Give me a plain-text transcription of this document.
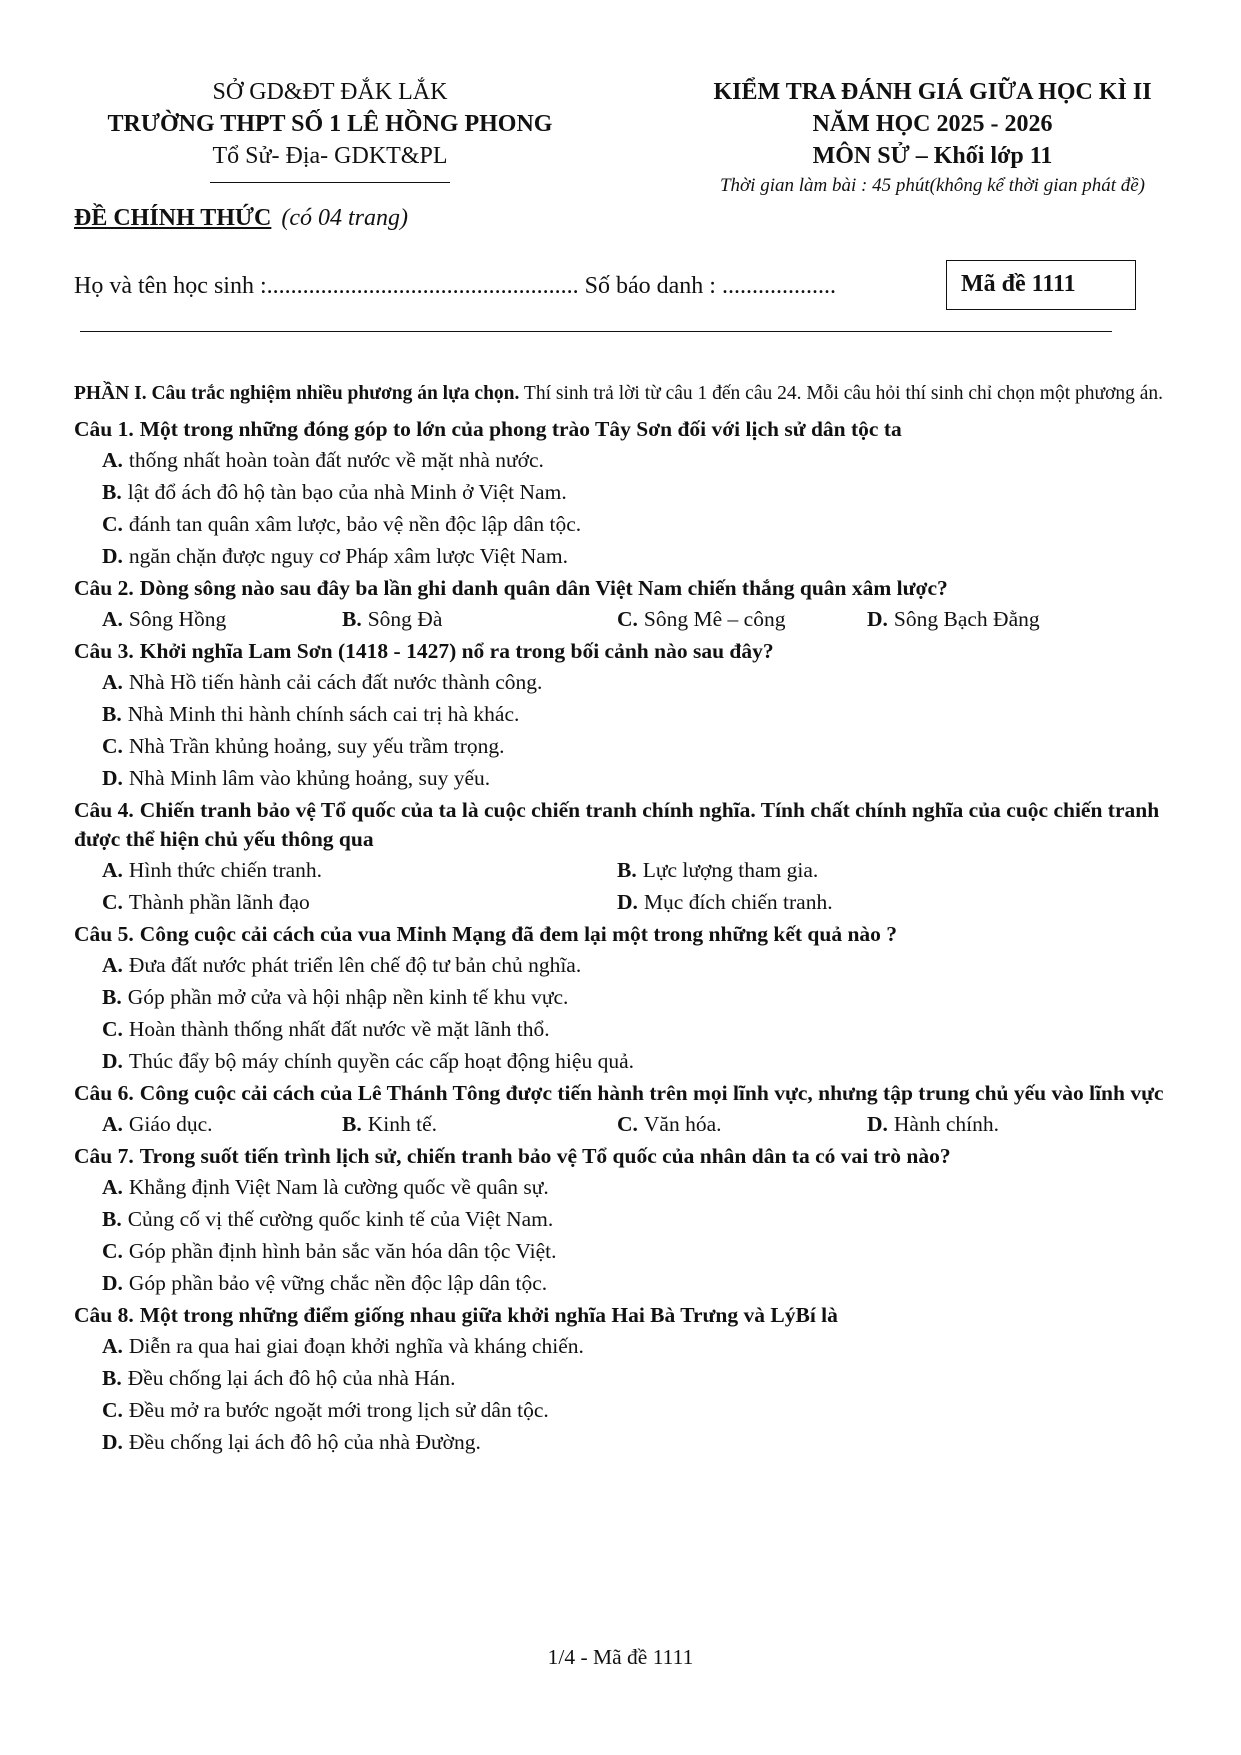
SỞ GD&ĐT ĐẮK LẮK
TRƯỜNG THPT SỐ 1 LÊ HỒNG PHONG
Tổ Sử- Địa- GDKT&PL
KIỂM TRA ĐÁNH GIÁ GIỮA HỌC KÌ II
NĂM HỌC 2025 - 2026
MÔN SỬ – Khối lớp 11
Thời gian làm bài : 45 phút(không kể thời gian phát đề)
ĐỀ CHÍNH THỨC (có 04 trang)
Họ và tên học sinh :.................................................... Số báo danh : ...................	Mã đề 1111
PHẦN I. Câu trắc nghiệm nhiều phương án lựa chọn. Thí sinh trả lời từ câu 1 đến câu 24. Mỗi câu hỏi thí sinh chỉ chọn một phương án.

Câu 1. Một trong những đóng góp to lớn của phong trào Tây Sơn đối với lịch sử dân tộc ta

A. thống nhất hoàn toàn đất nước về mặt nhà nước.
B. lật đổ ách đô hộ tàn bạo của nhà Minh ở Việt Nam.
C. đánh tan quân xâm lược, bảo vệ nền độc lập dân tộc.
D. ngăn chặn được nguy cơ Pháp xâm lược Việt Nam.

Câu 2. Dòng sông nào sau đây ba lần ghi danh quân dân Việt Nam chiến thắng quân xâm lược?

A. Sông Hồng	B. Sông Đà	C. Sông Mê – công	D. Sông Bạch Đằng

Câu 3. Khởi nghĩa Lam Sơn (1418 - 1427) nổ ra trong bối cảnh nào sau đây?

A. Nhà Hồ tiến hành cải cách đất nước thành công.
B. Nhà Minh thi hành chính sách cai trị hà khác.
C. Nhà Trần khủng hoảng, suy yếu trầm trọng.
D. Nhà Minh lâm vào khủng hoảng, suy yếu.

Câu 4. Chiến tranh bảo vệ Tổ quốc của ta là cuộc chiến tranh chính nghĩa. Tính chất chính nghĩa của cuộc chiến tranh được thể hiện chủ yếu thông qua

A. Hình thức chiến tranh.	B. Lực lượng tham gia.
C. Thành phần lãnh đạo	D. Mục đích chiến tranh.

Câu 5. Công cuộc cải cách của vua Minh Mạng đã đem lại một trong những kết quả nào ?

A. Đưa đất nước phát triển lên chế độ tư bản chủ nghĩa.
B. Góp phần mở cửa và hội nhập nền kinh tế khu vực.
C. Hoàn thành thống nhất đất nước về mặt lãnh thổ.
D. Thúc đẩy bộ máy chính quyền các cấp hoạt động hiệu quả.

Câu 6. Công cuộc cải cách của Lê Thánh Tông được tiến hành trên mọi lĩnh vực, nhưng tập trung chủ yếu vào lĩnh vực

A. Giáo dục.	B. Kinh tế.	C. Văn hóa.	D. Hành chính.

Câu 7. Trong suốt tiến trình lịch sử, chiến tranh bảo vệ Tổ quốc của nhân dân ta có vai trò nào?

A. Khẳng định Việt Nam là cường quốc về quân sự.
B. Củng cố vị thế cường quốc kinh tế của Việt Nam.
C. Góp phần định hình bản sắc văn hóa dân tộc Việt.
D. Góp phần bảo vệ vững chắc nền độc lập dân tộc.

Câu 8. Một trong những điểm giống nhau giữa khởi nghĩa Hai Bà Trưng và LýBí là

A. Diễn ra qua hai giai đoạn khởi nghĩa và kháng chiến.
B. Đều chống lại ách đô hộ của nhà Hán.
C. Đều mở ra bước ngoặt mới trong lịch sử dân tộc.
D. Đều chống lại ách đô hộ của nhà Đường.
1/4 - Mã đề 1111
